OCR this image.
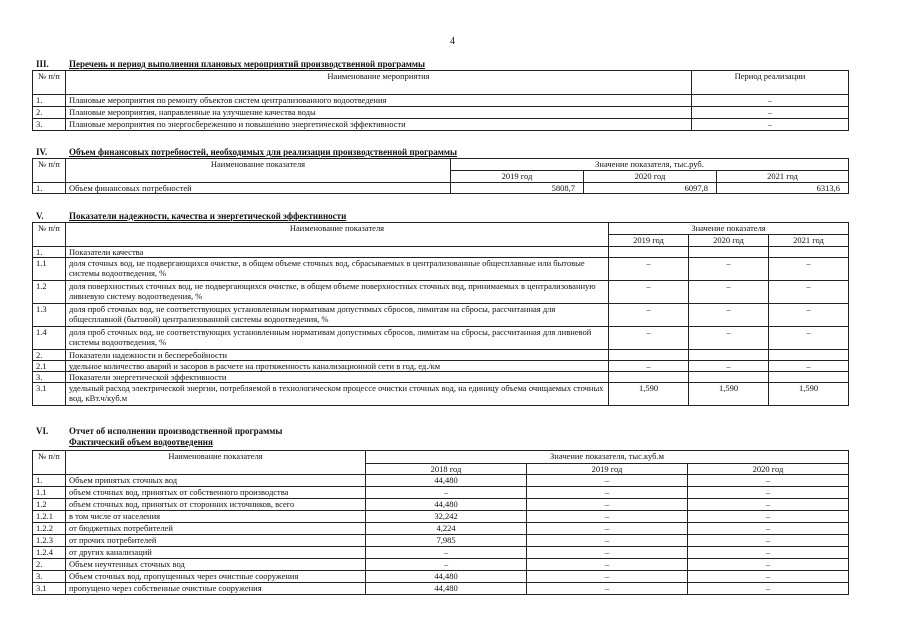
4
III. Перечень и период выполнения плановых мероприятий производственной программы
№ п/п	Наименование мероприятия	Период реализации
1.	Плановые мероприятия по ремонту объектов систем централизованного водоотведения	–
2.	Плановые мероприятия, направленные на улучшение качества воды	–
3.	Плановые мероприятия по энергосбережению и повышению энергетической эффективности	–
IV. Объем финансовых потребностей, необходимых для реализации производственной программы
№ п/п	Наименование показателя	Значение показателя, тыс.руб.		
		2019 год	2020 год	2021 год
1.	Объем финансовых потребностей	5808,7	6097,8	6313,6
V.	Показатели надежности, качества и энергетической эффективности
№ п/п	Наименование показателя	Значение показателя		
		2019 год	2020 год	2021 год
1.	Показатели качества			
1.1	доля сточных вод, не подвергающихся очистке, в общем объеме сточных вод, сбрасываемых в централизованные общесплавные или бытовые системы водоотведения, %	–	–	–
1.2	доля поверхностных сточных вод, не подвергающихся очистке, в общем объеме поверхностных сточных вод, принимаемых в централизованную ливневую систему водоотведения, %	–	–	–
1.3	доля проб сточных вод, не соответствующих установленным нормативам допустимых сбросов, лимитам на сбросы, рассчитанная для общесплавной (бытовой) централизованной системы водоотведения, %	–	–	–
1.4	доля проб сточных вод, не соответствующих установленным нормативам допустимых сбросов, лимитам на сбросы, рассчитанная для ливневой системы водоотведения, %	–	–	–
2.	Показатели надежности и бесперебойности			
2.1	удельное количество аварий и засоров в расчете на протяженность канализационной сети в год, ед./км	–	–	–
3.	Показатели энергетической эффективности			
3.1	удельный расход электрической энергии, потребляемой в технологическом процессе очистки сточных вод, на единицу объема очищаемых сточных вод, кВт.ч/куб.м	1,590	1,590	1,590
VI. Отчет об исполнении производственной программы
Фактический объем водоотведения
№ п/п	Наименование показателя	Значение показателя, тыс.куб.м		
		2018 год	2019 год	2020 год
1.	Объем принятых сточных вод	44,480	–	–
1.1	объем сточных вод, принятых от собственного производства	–	–	–
1.2	объем сточных вод, принятых от сторонних источников, всего	44,480	–	–
1.2.1	в том числе от населения	32,242	–	–
1.2.2	от бюджетных потребителей	4,224	–	–
1.2.3	от прочих потребителей	7,985	–	–
1.2.4	от других канализаций	–	–	–
2.	Объем неучтенных сточных вод	–	–	–
3.	Объем сточных вод, пропущенных через очистные сооружения	44,480	–	–
3.1	пропущено через собственные очистные сооружения	44,480	–	–
